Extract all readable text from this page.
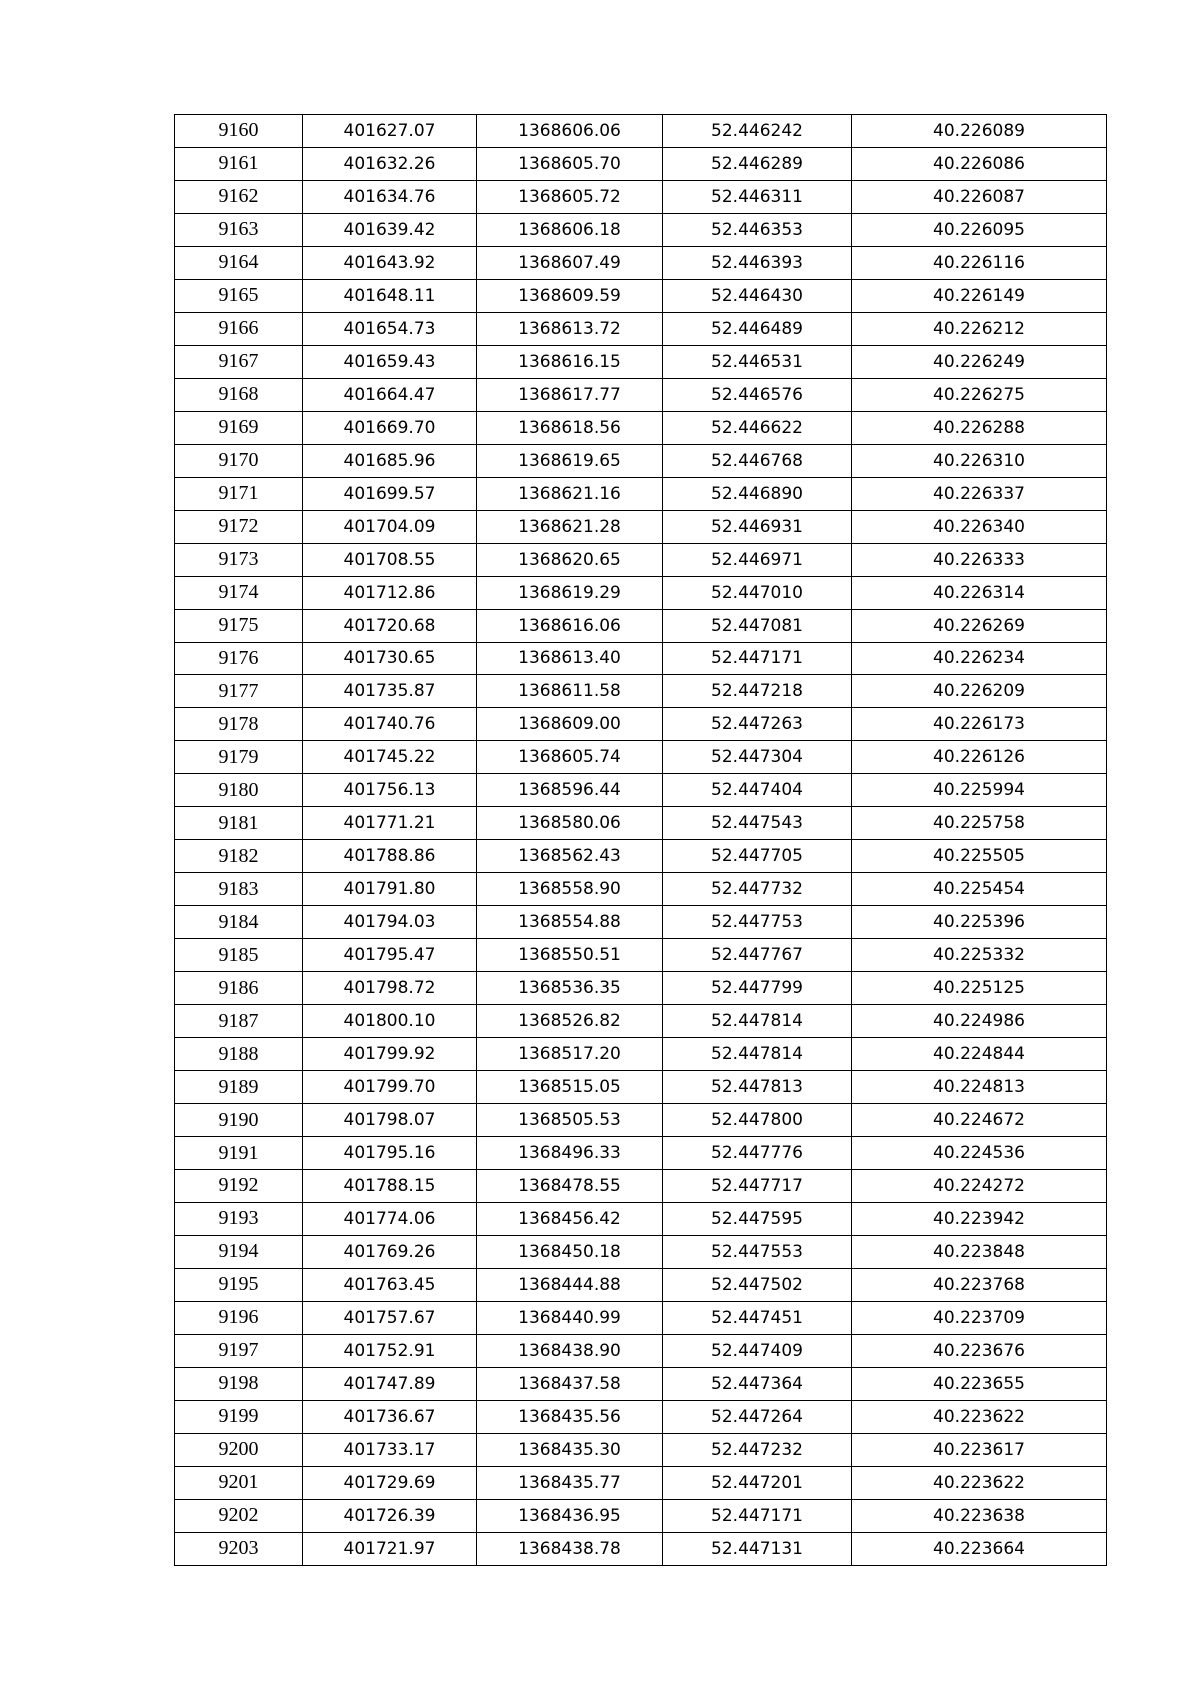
9160	401627.07	1368606.06	52.446242	40.226089
9161	401632.26	1368605.70	52.446289	40.226086
9162	401634.76	1368605.72	52.446311	40.226087
9163	401639.42	1368606.18	52.446353	40.226095
9164	401643.92	1368607.49	52.446393	40.226116
9165	401648.11	1368609.59	52.446430	40.226149
9166	401654.73	1368613.72	52.446489	40.226212
9167	401659.43	1368616.15	52.446531	40.226249
9168	401664.47	1368617.77	52.446576	40.226275
9169	401669.70	1368618.56	52.446622	40.226288
9170	401685.96	1368619.65	52.446768	40.226310
9171	401699.57	1368621.16	52.446890	40.226337
9172	401704.09	1368621.28	52.446931	40.226340
9173	401708.55	1368620.65	52.446971	40.226333
9174	401712.86	1368619.29	52.447010	40.226314
9175	401720.68	1368616.06	52.447081	40.226269
9176	401730.65	1368613.40	52.447171	40.226234
9177	401735.87	1368611.58	52.447218	40.226209
9178	401740.76	1368609.00	52.447263	40.226173
9179	401745.22	1368605.74	52.447304	40.226126
9180	401756.13	1368596.44	52.447404	40.225994
9181	401771.21	1368580.06	52.447543	40.225758
9182	401788.86	1368562.43	52.447705	40.225505
9183	401791.80	1368558.90	52.447732	40.225454
9184	401794.03	1368554.88	52.447753	40.225396
9185	401795.47	1368550.51	52.447767	40.225332
9186	401798.72	1368536.35	52.447799	40.225125
9187	401800.10	1368526.82	52.447814	40.224986
9188	401799.92	1368517.20	52.447814	40.224844
9189	401799.70	1368515.05	52.447813	40.224813
9190	401798.07	1368505.53	52.447800	40.224672
9191	401795.16	1368496.33	52.447776	40.224536
9192	401788.15	1368478.55	52.447717	40.224272
9193	401774.06	1368456.42	52.447595	40.223942
9194	401769.26	1368450.18	52.447553	40.223848
9195	401763.45	1368444.88	52.447502	40.223768
9196	401757.67	1368440.99	52.447451	40.223709
9197	401752.91	1368438.90	52.447409	40.223676
9198	401747.89	1368437.58	52.447364	40.223655
9199	401736.67	1368435.56	52.447264	40.223622
9200	401733.17	1368435.30	52.447232	40.223617
9201	401729.69	1368435.77	52.447201	40.223622
9202	401726.39	1368436.95	52.447171	40.223638
9203	401721.97	1368438.78	52.447131	40.223664
